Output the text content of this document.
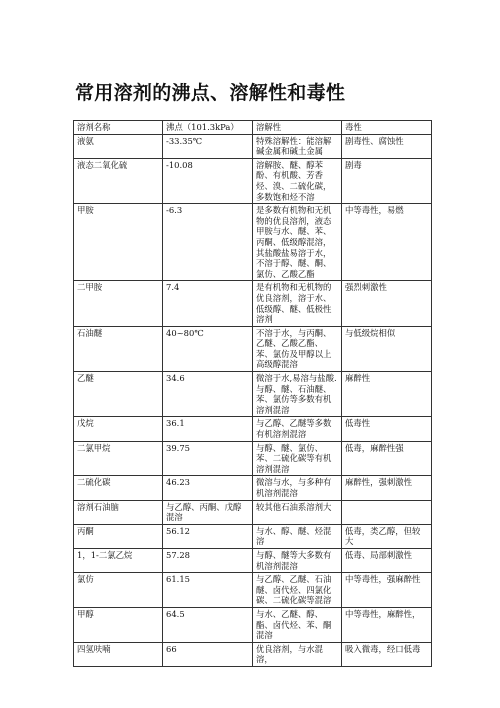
常用溶剂的沸点、溶解性和毒性
溶剂名称	沸点（101.3kPa）	溶解性	毒性
液氨	-33.35℃	特殊溶解性：能溶解碱金属和碱土金属	剧毒性、腐蚀性
液态二氧化硫	-10.08	溶解胺、醚、醇苯酚、有机酸、芳香烃、溴、二硫化碳，多数饱和烃不溶	剧毒
甲胺	-6.3	是多数有机物和无机物的优良溶剂，液态甲胺与水、醚、苯、丙酮、低级醇混溶，其盐酸盐易溶于水，不溶于醇、醚、酮、氯仿、乙酸乙酯	中等毒性，易燃
二甲胺	7.4	是有机物和无机物的优良溶剂，溶于水、低级醇、醚、低极性溶剂	强烈刺激性
石油醚	40~80℃	不溶于水，与丙酮、乙醚、乙酸乙酯、苯、氯仿及甲醇以上高级醇混溶	与低级烷相似
乙醚	34.6	微溶于水,易溶与盐酸.与醇、醚、石油醚、苯、氯仿等多数有机溶剂混溶	麻醉性
戊烷	36.1	与乙醇、乙醚等多数有机溶剂混溶	低毒性
二氯甲烷	39.75	与醇、醚、氯仿、苯、二硫化碳等有机溶剂混溶	低毒，麻醉性强
二硫化碳	46.23	微溶与水，与多种有机溶剂混溶	麻醉性，强刺激性
溶剂石油脑	与乙醇、丙酮、戊醇混溶	较其他石油系溶剂大	
丙酮	56.12	与水、醇、醚、烃混溶	低毒，类乙醇，但较大
1，1-二氯乙烷	57.28	与醇、醚等大多数有机溶剂混溶	低毒、局部刺激性
氯仿	61.15	与乙醇、乙醚、石油醚、卤代烃、四氯化碳、二硫化碳等混溶	中等毒性，强麻醉性
甲醇	64.5	与水、乙醚、醇、酯、卤代烃、苯、酮混溶	中等毒性，麻醉性，
四氢呋喃	66	优良溶剂，与水混溶，	吸入微毒，经口低毒
